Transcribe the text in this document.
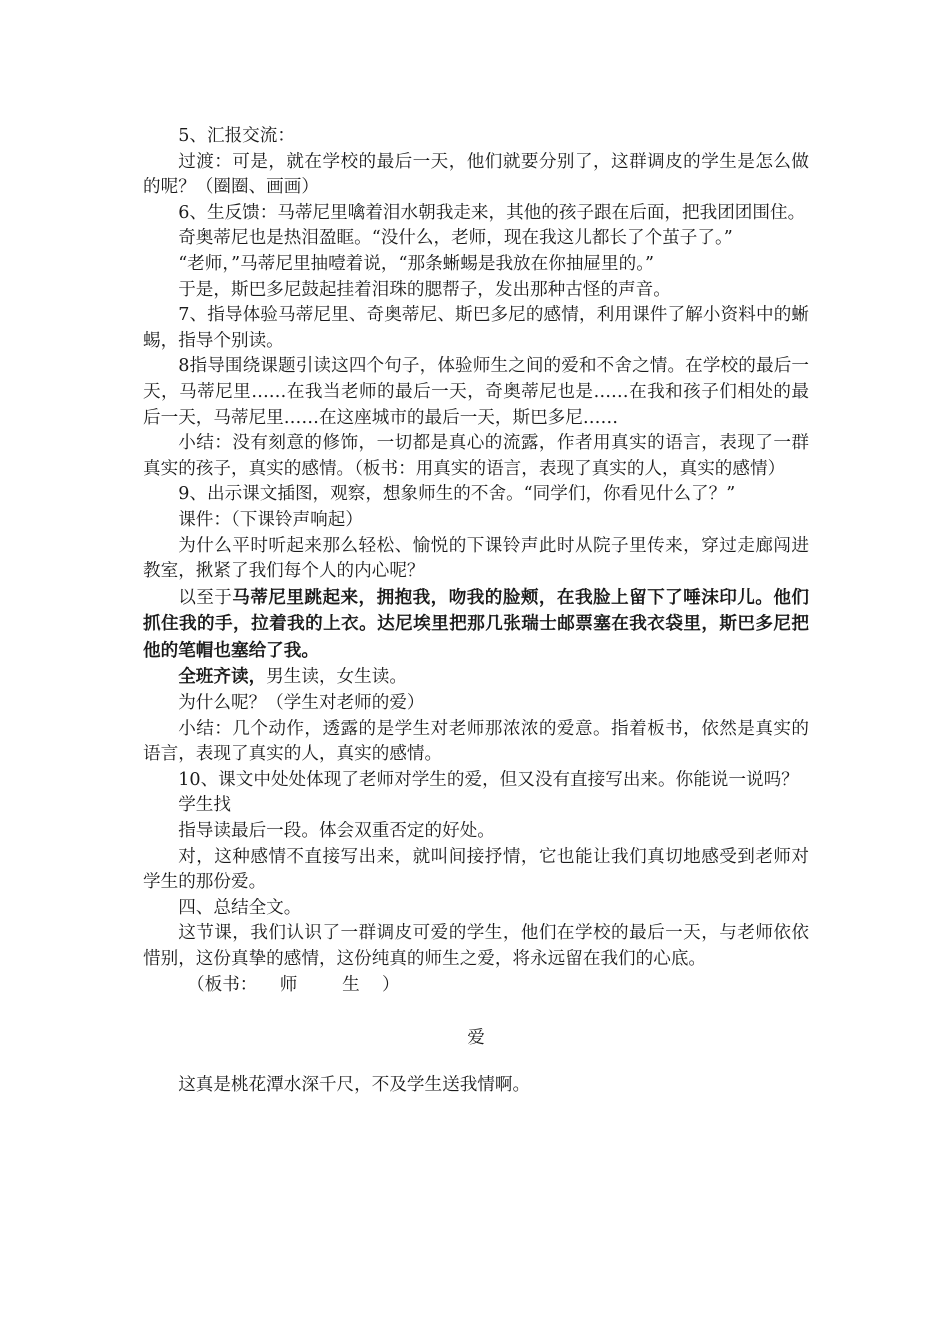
5、汇报交流：

过渡：可是，就在学校的最后一天，他们就要分别了，这群调皮的学生是怎么做的呢？（圈圈、画画）

6、生反馈：马蒂尼里噙着泪水朝我走来，其他的孩子跟在后面，把我团团围住。

奇奥蒂尼也是热泪盈眶。“没什么，老师，现在我这儿都长了个茧子了。”

“老师，”马蒂尼里抽噎着说，“那条蜥蜴是我放在你抽屉里的。”

于是，斯巴多尼鼓起挂着泪珠的腮帮子，发出那种古怪的声音。

7、指导体验马蒂尼里、奇奥蒂尼、斯巴多尼的感情，利用课件了解小资料中的蜥蜴，指导个别读。

8指导围绕课题引读这四个句子，体验师生之间的爱和不舍之情。在学校的最后一天，马蒂尼里……在我当老师的最后一天，奇奥蒂尼也是……在我和孩子们相处的最后一天，马蒂尼里……在这座城市的最后一天，斯巴多尼……

小结：没有刻意的修饰，一切都是真心的流露，作者用真实的语言，表现了一群真实的孩子，真实的感情。（板书：用真实的语言，表现了真实的人，真实的感情）

9、出示课文插图，观察，想象师生的不舍。“同学们，你看见什么了？”

课件：（下课铃声响起）

为什么平时听起来那么轻松、愉悦的下课铃声此时从院子里传来，穿过走廊闯进教室，揪紧了我们每个人的内心呢？

以至于马蒂尼里跳起来，拥抱我，吻我的脸颊，在我脸上留下了唾沫印儿。他们抓住我的手，拉着我的上衣。达尼埃里把那几张瑞士邮票塞在我衣袋里，斯巴多尼把他的笔帽也塞给了我。

全班齐读，男生读，女生读。

为什么呢？（学生对老师的爱）

小结：几个动作，透露的是学生对老师那浓浓的爱意。指着板书，依然是真实的语言，表现了真实的人，真实的感情。

10、课文中处处体现了老师对学生的爱，但又没有直接写出来。你能说一说吗？

学生找

指导读最后一段。体会双重否定的好处。

对，这种感情不直接写出来，就叫间接抒情，它也能让我们真切地感受到老师对学生的那份爱。

四、总结全文。

这节课，我们认识了一群调皮可爱的学生，他们在学校的最后一天，与老师依依惜别，这份真挚的感情，这份纯真的师生之爱，将永远留在我们的心底。

（板书：    师        生    ）

爱

这真是桃花潭水深千尺，不及学生送我情啊。
